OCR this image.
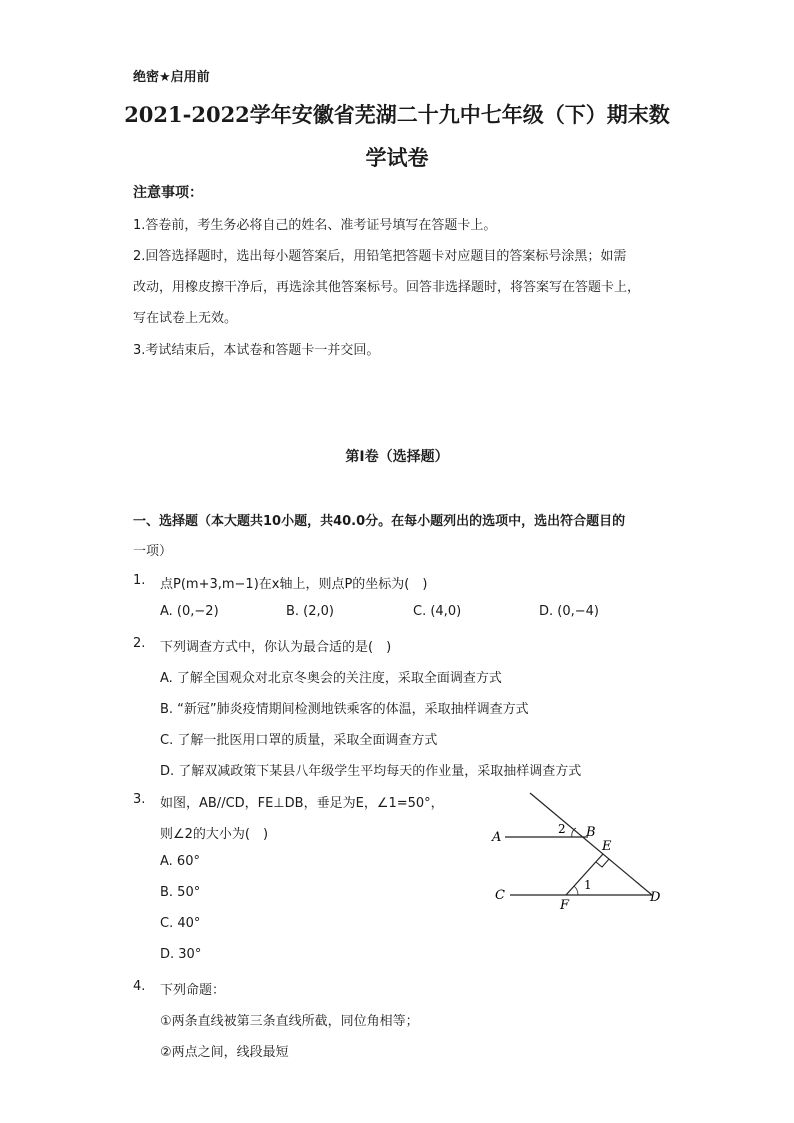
绝密★启用前
2021-2022学年安徽省芜湖二十九中七年级（下）期末数
学试卷
注意事项：
1.答卷前，考生务必将自己的姓名、准考证号填写在答题卡上。
2.回答选择题时，选出每小题答案后，用铅笔把答题卡对应题目的答案标号涂黑；如需
改动，用橡皮擦干净后，再选涂其他答案标号。回答非选择题时，将答案写在答题卡上，
写在试卷上无效。
3.考试结束后，本试卷和答题卡一并交回。
第I卷（选择题）
一、选择题（本大题共10小题，共40.0分。在每小题列出的选项中，选出符合题目的
一项）
1. 点P(m+3,m−1)在x轴上，则点P的坐标为(　)
A. (0,−2)	B. (2,0)	C. (4,0)	D. (0,−4)
2. 下列调查方式中，你认为最合适的是(　)
A. 了解全国观众对北京冬奥会的关注度，采取全面调查方式
B. “新冠”肺炎疫情期间检测地铁乘客的体温，采取抽样调查方式
C. 了解一批医用口罩的质量，采取全面调查方式
D. 了解双减政策下某县八年级学生平均每天的作业量，采取抽样调查方式
3. 如图，AB//CD，FE⊥DB，垂足为E，∠1=50°，
则∠2的大小为(　)
A. 60°
B. 50°
C. 40°
D. 30°
A	B
C	D
E
F
1
2
4. 下列命题：
①两条直线被第三条直线所截，同位角相等；
②两点之间，线段最短
